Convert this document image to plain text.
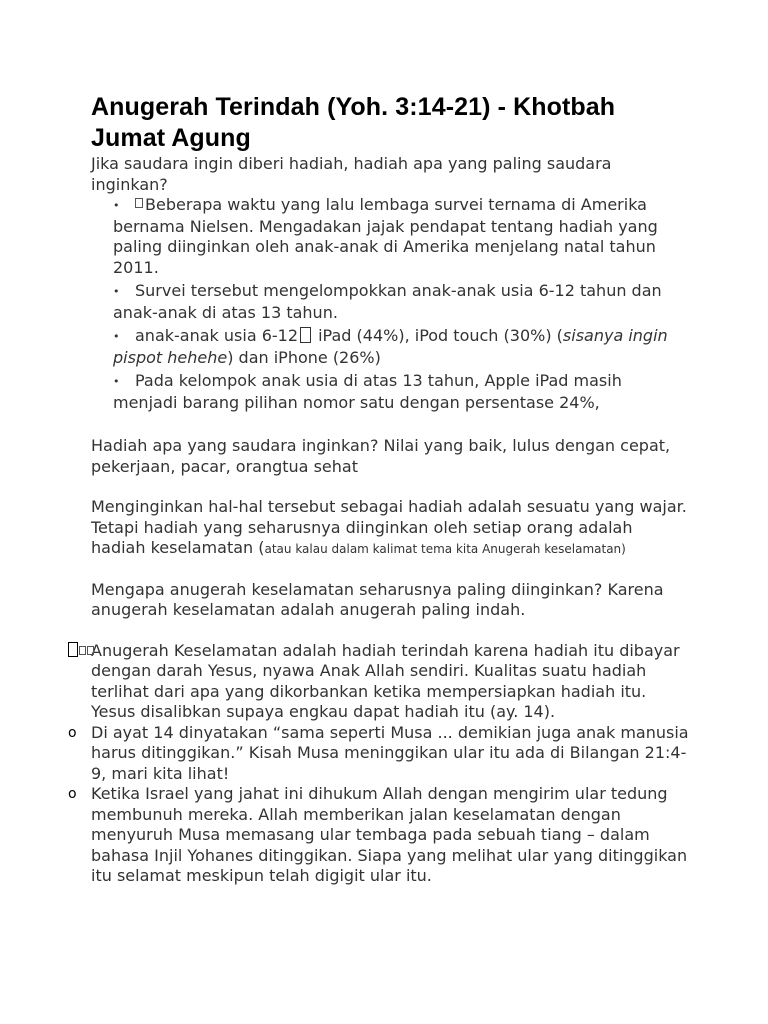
Anugerah Terindah (Yoh. 3:14-21) - Khotbah Jumat Agung

Jika saudara ingin diberi hadiah, hadiah apa yang paling saudara inginkan?

• Beberapa waktu yang lalu lembaga survei ternama di Amerika bernama Nielsen. Mengadakan jajak pendapat tentang hadiah yang paling diinginkan oleh anak-anak di Amerika menjelang natal tahun 2011.
• Survei tersebut mengelompokkan anak-anak usia 6-12 tahun dan anak-anak di atas 13 tahun.
• anak-anak usia 6-12 iPad (44%), iPod touch (30%) (sisanya ingin pispot hehehe) dan iPhone (26%)
• Pada kelompok anak usia di atas 13 tahun, Apple iPad masih menjadi barang pilihan nomor satu dengan persentase 24%,

Hadiah apa yang saudara inginkan? Nilai yang baik, lulus dengan cepat, pekerjaan, pacar, orangtua sehat

Menginginkan hal-hal tersebut sebagai hadiah adalah sesuatu yang wajar. Tetapi hadiah yang seharusnya diinginkan oleh setiap orang adalah hadiah keselamatan (atau kalau dalam kalimat tema kita Anugerah keselamatan)

Mengapa anugerah keselamatan seharusnya paling diinginkan? Karena anugerah keselamatan adalah anugerah paling indah.

Anugerah Keselamatan adalah hadiah terindah karena hadiah itu dibayar dengan darah Yesus, nyawa Anak Allah sendiri. Kualitas suatu hadiah terlihat dari apa yang dikorbankan ketika mempersiapkan hadiah itu. Yesus disalibkan supaya engkau dapat hadiah itu (ay. 14).

o Di ayat 14 dinyatakan “sama seperti Musa ... demikian juga anak manusia harus ditinggikan.” Kisah Musa meninggikan ular itu ada di Bilangan 21:4-9, mari kita lihat!

o Ketika Israel yang jahat ini dihukum Allah dengan mengirim ular tedung membunuh mereka. Allah memberikan jalan keselamatan dengan menyuruh Musa memasang ular tembaga pada sebuah tiang – dalam bahasa Injil Yohanes ditinggikan. Siapa yang melihat ular yang ditinggikan itu selamat meskipun telah digigit ular itu.
